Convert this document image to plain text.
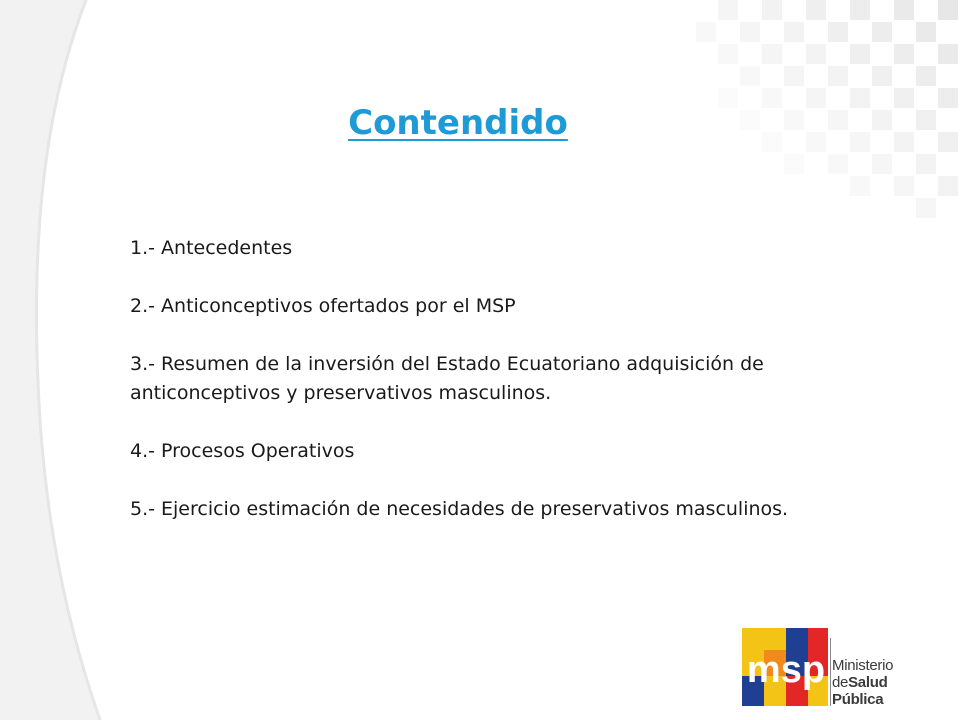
Contendido

1.- Antecedentes

2.- Anticonceptivos ofertados por el MSP

3.- Resumen de la inversión del Estado Ecuatoriano adquisición de anticonceptivos y preservativos masculinos.

4.- Procesos Operativos

5.- Ejercicio estimación de necesidades de preservativos masculinos.

msp Ministerio
deSalud Pública
